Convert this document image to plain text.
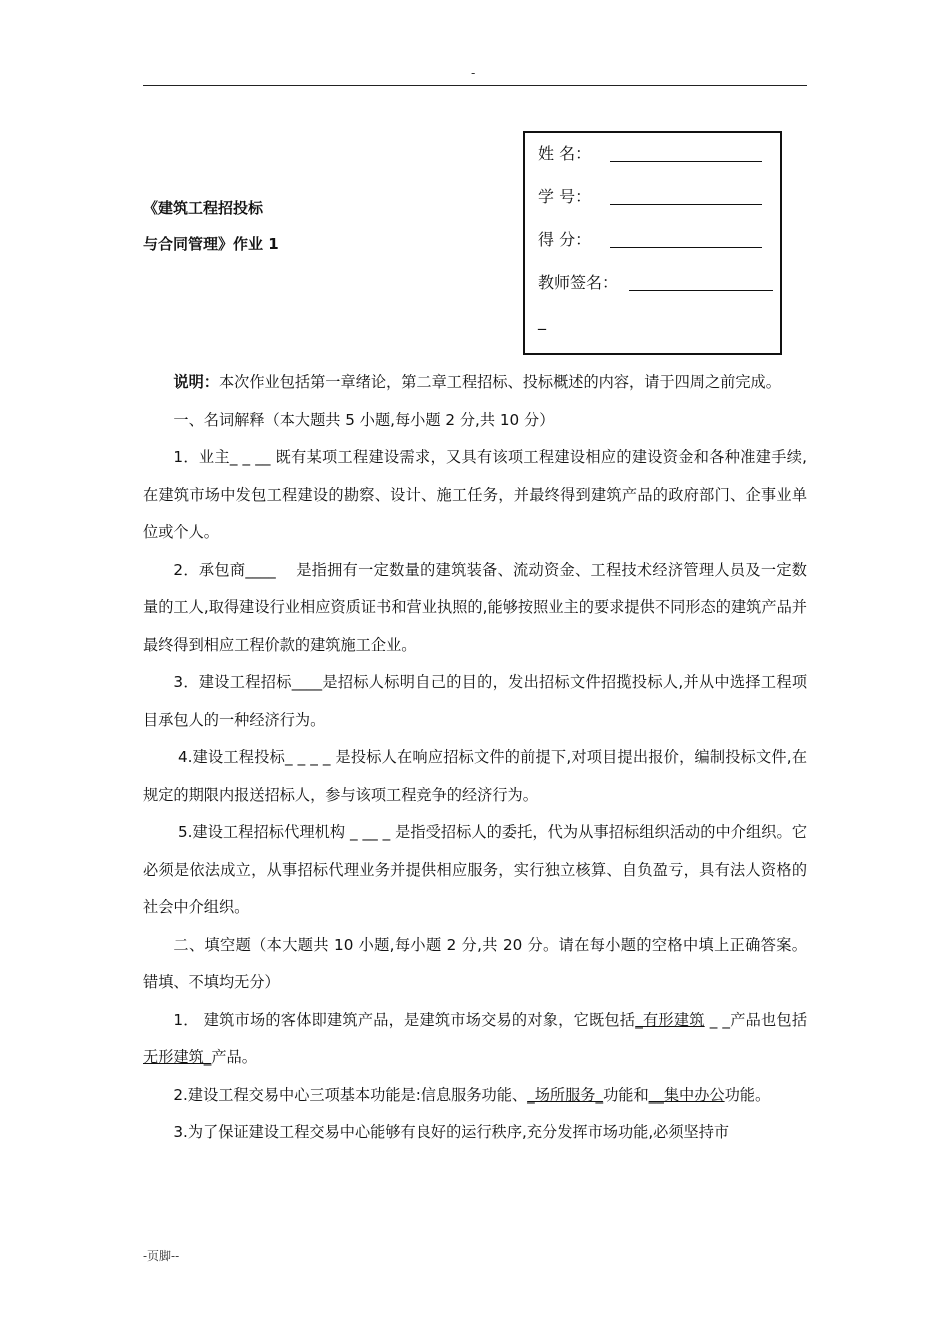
-
《建筑工程招投标
与合同管理》作业 1
姓 名：
学 号：
得 分：
教师签名：
_

说明：本次作业包括第一章绪论，第二章工程招标、投标概述的内容，请于四周之前完成。

一、名词解释（本大题共 5 小题,每小题 2 分,共 10 分）

1．业主_ _ __ 既有某项工程建设需求，又具有该项工程建设相应的建设资金和各种准建手续,在建筑市场中发包工程建设的勘察、设计、施工任务，并最终得到建筑产品的政府部门、企事业单位或个人。

2．承包商____    是指拥有一定数量的建筑装备、流动资金、工程技术经济管理人员及一定数量的工人,取得建设行业相应资质证书和营业执照的,能够按照业主的要求提供不同形态的建筑产品并最终得到相应工程价款的建筑施工企业。

3．建设工程招标____是招标人标明自己的目的，发出招标文件招揽投标人,并从中选择工程项目承包人的一种经济行为。

4.建设工程投标_ _ _ _ 是投标人在响应招标文件的前提下,对项目提出报价，编制投标文件,在规定的期限内报送招标人，参与该项工程竞争的经济行为。

5.建设工程招标代理机构 _ __ _ 是指受招标人的委托，代为从事招标组织活动的中介组织。它必须是依法成立，从事招标代理业务并提供相应服务，实行独立核算、自负盈亏，具有法人资格的社会中介组织。

二、填空题（本大题共 10 小题,每小题 2 分,共 20 分。请在每小题的空格中填上正确答案。错填、不填均无分）

1． 建筑市场的客体即建筑产品，是建筑市场交易的对象，它既包括_有形建筑 _ _产品也包括无形建筑_产品。

2.建设工程交易中心三项基本功能是:信息服务功能、_场所服务_功能和__集中办公功能。

3.为了保证建设工程交易中心能够有良好的运行秩序,充分发挥市场功能,必须坚持市

-页脚--
